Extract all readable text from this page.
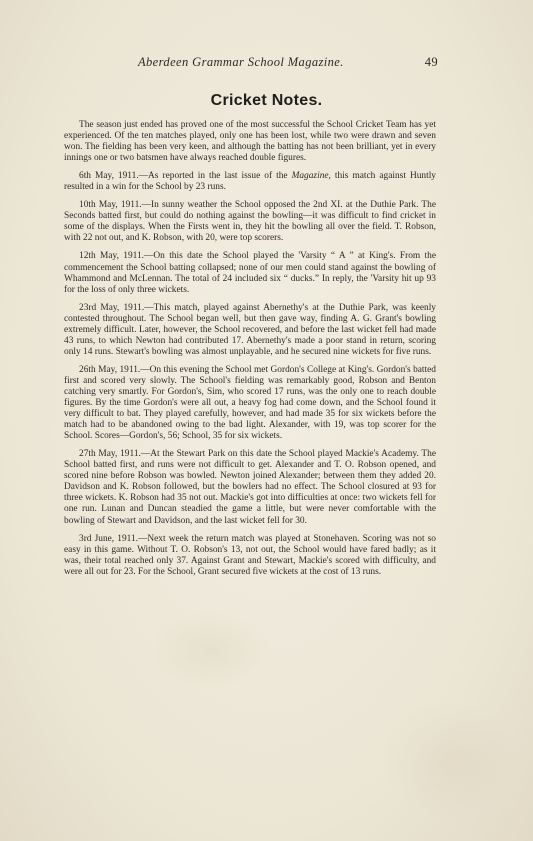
Aberdeen Grammar School Magazine.	49
Cricket Notes.

The season just ended has proved one of the most successful the School Cricket Team has yet experienced. Of the ten matches played, only one has been lost, while two were drawn and seven won. The fielding has been very keen, and although the batting has not been brilliant, yet in every innings one or two batsmen have always reached double figures.

6th May, 1911.—As reported in the last issue of the Magazine, this match against Huntly resulted in a win for the School by 23 runs.

10th May, 1911.—In sunny weather the School opposed the 2nd XI. at the Duthie Park. The Seconds batted first, but could do nothing against the bowling—it was difficult to find cricket in some of the displays. When the Firsts went in, they hit the bowling all over the field. T. Robson, with 22 not out, and K. Robson, with 20, were top scorers.

12th May, 1911.—On this date the School played the 'Varsity “ A ” at King's. From the commencement the School batting collapsed; none of our men could stand against the bowling of Whammond and McLennan. The total of 24 included six “ ducks.” In reply, the 'Varsity hit up 93 for the loss of only three wickets.

23rd May, 1911.—This match, played against Abernethy's at the Duthie Park, was keenly contested throughout. The School began well, but then gave way, finding A. G. Grant's bowling extremely difficult. Later, however, the School recovered, and before the last wicket fell had made 43 runs, to which Newton had contributed 17. Abernethy's made a poor stand in return, scoring only 14 runs. Stewart's bowling was almost unplayable, and he secured nine wickets for five runs.

26th May, 1911.—On this evening the School met Gordon's College at King's. Gordon's batted first and scored very slowly. The School's fielding was remarkably good, Robson and Benton catching very smartly. For Gordon's, Sim, who scored 17 runs, was the only one to reach double figures. By the time Gordon's were all out, a heavy fog had come down, and the School found it very difficult to bat. They played carefully, however, and had made 35 for six wickets before the match had to be abandoned owing to the bad light. Alexander, with 19, was top scorer for the School. Scores—Gordon's, 56; School, 35 for six wickets.

27th May, 1911.—At the Stewart Park on this date the School played Mackie's Academy. The School batted first, and runs were not difficult to get. Alexander and T. O. Robson opened, and scored nine before Robson was bowled. Newton joined Alexander; between them they added 20. Davidson and K. Robson followed, but the bowlers had no effect. The School closured at 93 for three wickets. K. Robson had 35 not out. Mackie's got into difficulties at once: two wickets fell for one run. Lunan and Duncan steadied the game a little, but were never comfortable with the bowling of Stewart and Davidson, and the last wicket fell for 30.

3rd June, 1911.—Next week the return match was played at Stonehaven. Scoring was not so easy in this game. Without T. O. Robson's 13, not out, the School would have fared badly; as it was, their total reached only 37. Against Grant and Stewart, Mackie's scored with difficulty, and were all out for 23. For the School, Grant secured five wickets at the cost of 13 runs.
